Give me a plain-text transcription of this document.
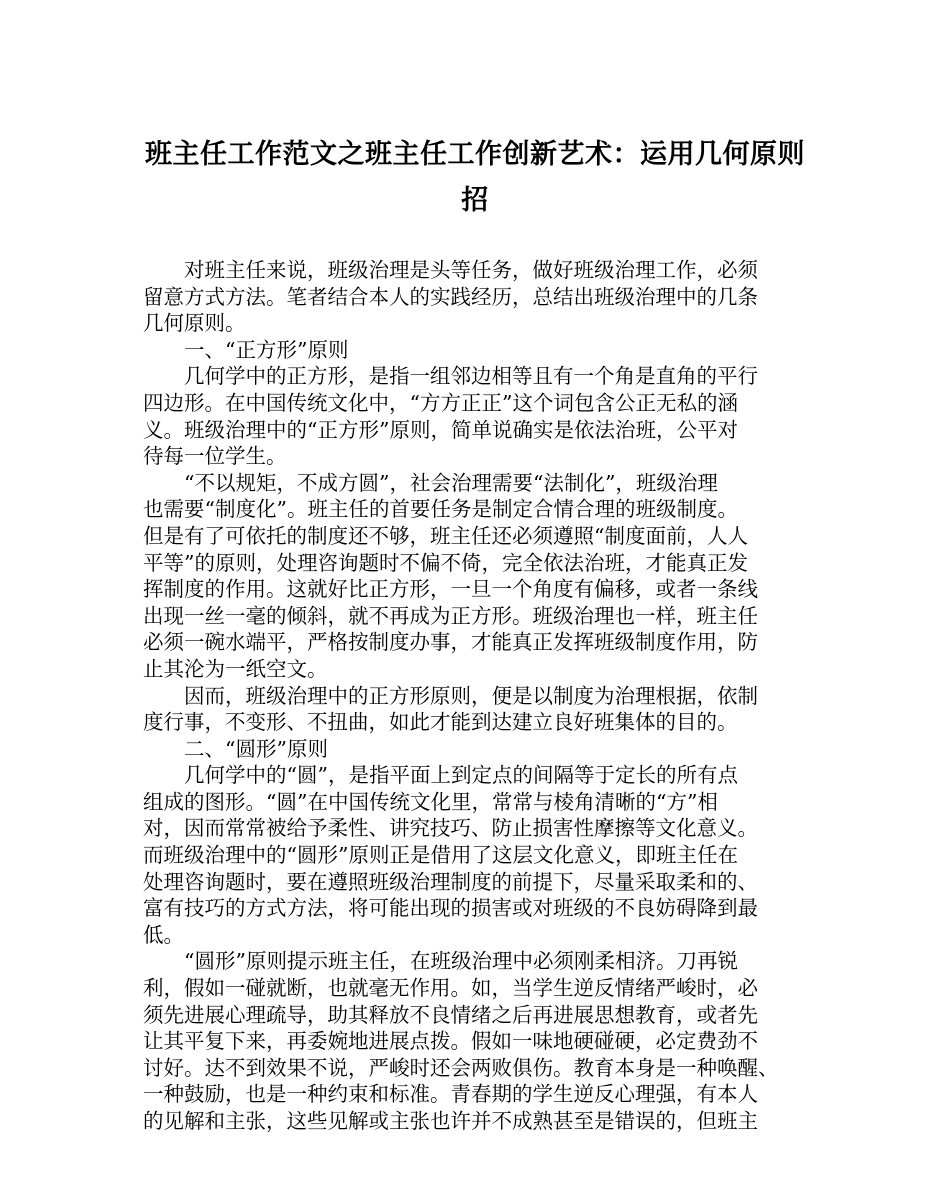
班主任工作范文之班主任工作创新艺术：运用几何原则
招
　　对班主任来说，班级治理是头等任务，做好班级治理工作，必须
留意方式方法。笔者结合本人的实践经历，总结出班级治理中的几条
几何原则。
　　一、“正方形”原则
　　几何学中的正方形，是指一组邻边相等且有一个角是直角的平行
四边形。在中国传统文化中，“方方正正”这个词包含公正无私的涵
义。班级治理中的“正方形”原则，简单说确实是依法治班，公平对
待每一位学生。
　　“不以规矩，不成方圆”，社会治理需要“法制化”，班级治理
也需要“制度化”。班主任的首要任务是制定合情合理的班级制度。
但是有了可依托的制度还不够，班主任还必须遵照“制度面前，人人
平等”的原则，处理咨询题时不偏不倚，完全依法治班，才能真正发
挥制度的作用。这就好比正方形，一旦一个角度有偏移，或者一条线
出现一丝一毫的倾斜，就不再成为正方形。班级治理也一样，班主任
必须一碗水端平，严格按制度办事，才能真正发挥班级制度作用，防
止其沦为一纸空文。
　　因而，班级治理中的正方形原则，便是以制度为治理根据，依制
度行事，不变形、不扭曲，如此才能到达建立良好班集体的目的。
　　二、“圆形”原则
　　几何学中的“圆”，是指平面上到定点的间隔等于定长的所有点
组成的图形。“圆”在中国传统文化里，常常与棱角清晰的“方”相
对，因而常常被给予柔性、讲究技巧、防止损害性摩擦等文化意义。
而班级治理中的“圆形”原则正是借用了这层文化意义，即班主任在
处理咨询题时，要在遵照班级治理制度的前提下，尽量采取柔和的、
富有技巧的方式方法，将可能出现的损害或对班级的不良妨碍降到最
低。
　　“圆形”原则提示班主任，在班级治理中必须刚柔相济。刀再锐
利，假如一碰就断，也就毫无作用。如，当学生逆反情绪严峻时，必
须先进展心理疏导，助其释放不良情绪之后再进展思想教育，或者先
让其平复下来，再委婉地进展点拨。假如一味地硬碰硬，必定费劲不
讨好。达不到效果不说，严峻时还会两败俱伤。教育本身是一种唤醒、
一种鼓励，也是一种约束和标准。青春期的学生逆反心理强，有本人
的见解和主张，这些见解或主张也许并不成熟甚至是错误的，但班主
